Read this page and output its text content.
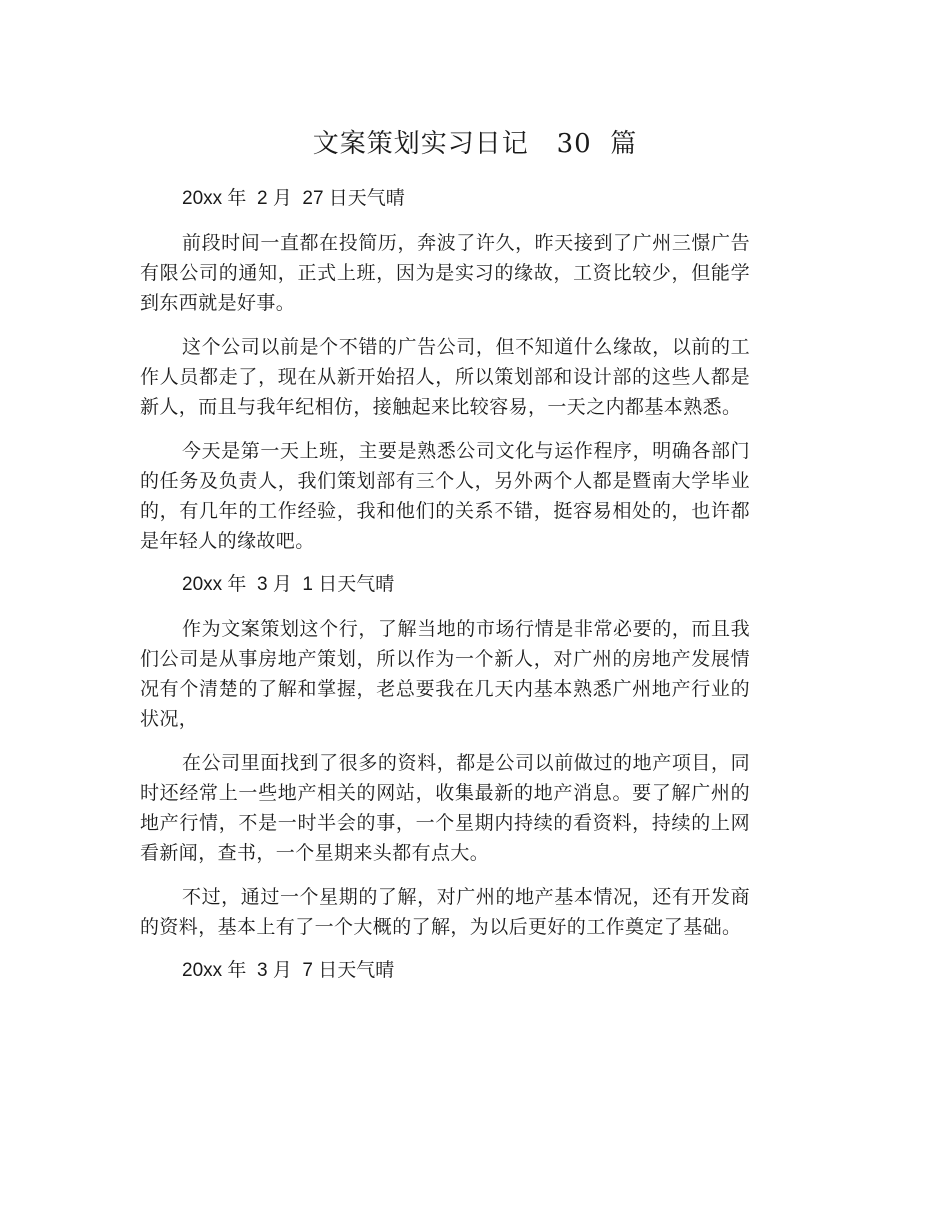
文案策划实习日记   30  篇
20xx 年  2 月  27 日天气晴

前段时间一直都在投简历，奔波了许久，昨天接到了广州三憬广告有限公司的通知，正式上班，因为是实习的缘故，工资比较少，但能学到东西就是好事。

这个公司以前是个不错的广告公司，但不知道什么缘故，以前的工作人员都走了，现在从新开始招人，所以策划部和设计部的这些人都是新人，而且与我年纪相仿，接触起来比较容易，一天之内都基本熟悉。

今天是第一天上班，主要是熟悉公司文化与运作程序，明确各部门的任务及负责人，我们策划部有三个人，另外两个人都是暨南大学毕业的，有几年的工作经验，我和他们的关系不错，挺容易相处的，也许都是年轻人的缘故吧。

20xx 年  3 月  1 日天气晴

作为文案策划这个行，了解当地的市场行情是非常必要的，而且我们公司是从事房地产策划，所以作为一个新人，对广州的房地产发展情况有个清楚的了解和掌握，老总要我在几天内基本熟悉广州地产行业的状况，

在公司里面找到了很多的资料，都是公司以前做过的地产项目，同时还经常上一些地产相关的网站，收集最新的地产消息。要了解广州的地产行情，不是一时半会的事，一个星期内持续的看资料，持续的上网看新闻，查书，一个星期来头都有点大。

不过，通过一个星期的了解，对广州的地产基本情况，还有开发商的资料，基本上有了一个大概的了解，为以后更好的工作奠定了基础。

20xx 年  3 月  7 日天气晴
